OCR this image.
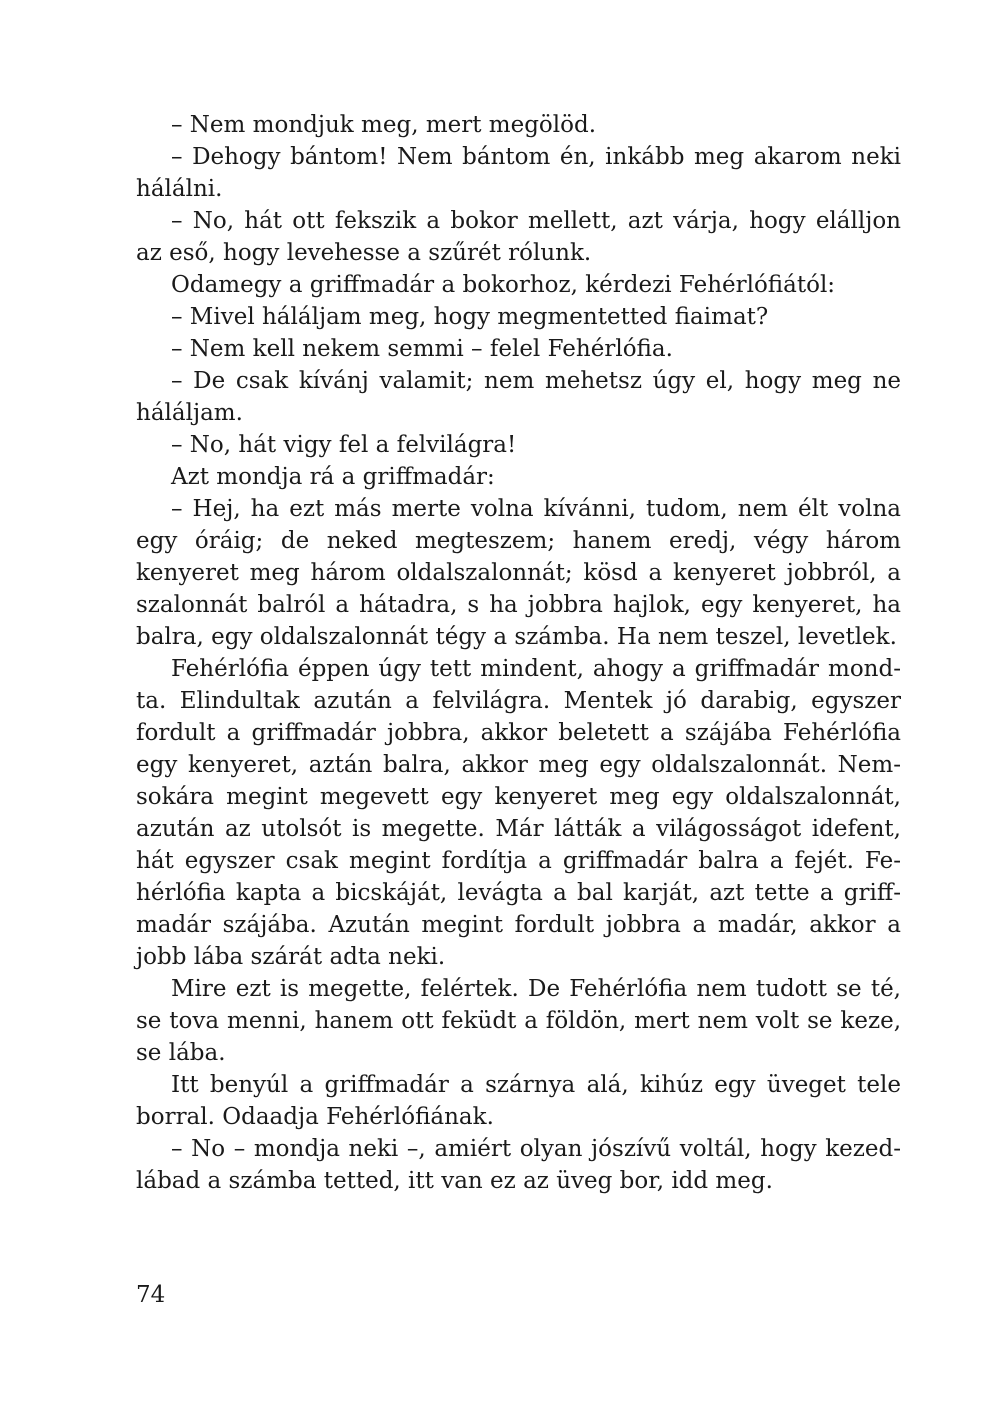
– Nem mondjuk meg, mert megölöd.

– Dehogy bántom! Nem bántom én, inkább meg akarom neki hálálni.

– No, hát ott fekszik a bokor mellett, azt várja, hogy elálljon az eső, hogy levehesse a szűrét rólunk.

Odamegy a griffmadár a bokorhoz, kérdezi Fehérlófiától:

– Mivel háláljam meg, hogy megmentetted fiaimat?

– Nem kell nekem semmi – felel Fehérlófia.

– De csak kívánj valamit; nem mehetsz úgy el, hogy meg ne háláljam.

– No, hát vigy fel a felvilágra!

Azt mondja rá a griffmadár:

– Hej, ha ezt más merte volna kívánni, tudom, nem élt volna egy óráig; de neked megteszem; hanem eredj, végy három kenyeret meg három oldalszalonnát; kösd a kenyeret jobbról, a szalonnát balról a hátadra, s ha jobbra hajlok, egy kenyeret, ha balra, egy oldalszalonnát tégy a számba. Ha nem teszel, levetlek.

Fehérlófia éppen úgy tett mindent, ahogy a griffmadár mondta. Elindultak azután a felvilágra. Mentek jó darabig, egyszer fordult a griffmadár jobbra, akkor beletett a szájába Fehérlófia egy kenyeret, aztán balra, akkor meg egy oldalszalonnát. Nemsokára megint megevett egy kenyeret meg egy oldalszalonnát, azután az utolsót is megette. Már látták a világosságot idefent, hát egyszer csak megint fordítja a griffmadár balra a fejét. Fehérlófia kapta a bicskáját, levágta a bal karját, azt tette a griffmadár szájába. Azután megint fordult jobbra a madár, akkor a jobb lába szárát adta neki.

Mire ezt is megette, felértek. De Fehérlófia nem tudott se té, se tova menni, hanem ott feküdt a földön, mert nem volt se keze, se lába.

Itt benyúl a griffmadár a szárnya alá, kihúz egy üveget tele borral. Odaadja Fehérlófiának.

– No – mondja neki –, amiért olyan jószívű voltál, hogy kezedlábad a számba tetted, itt van ez az üveg bor, idd meg.

74
